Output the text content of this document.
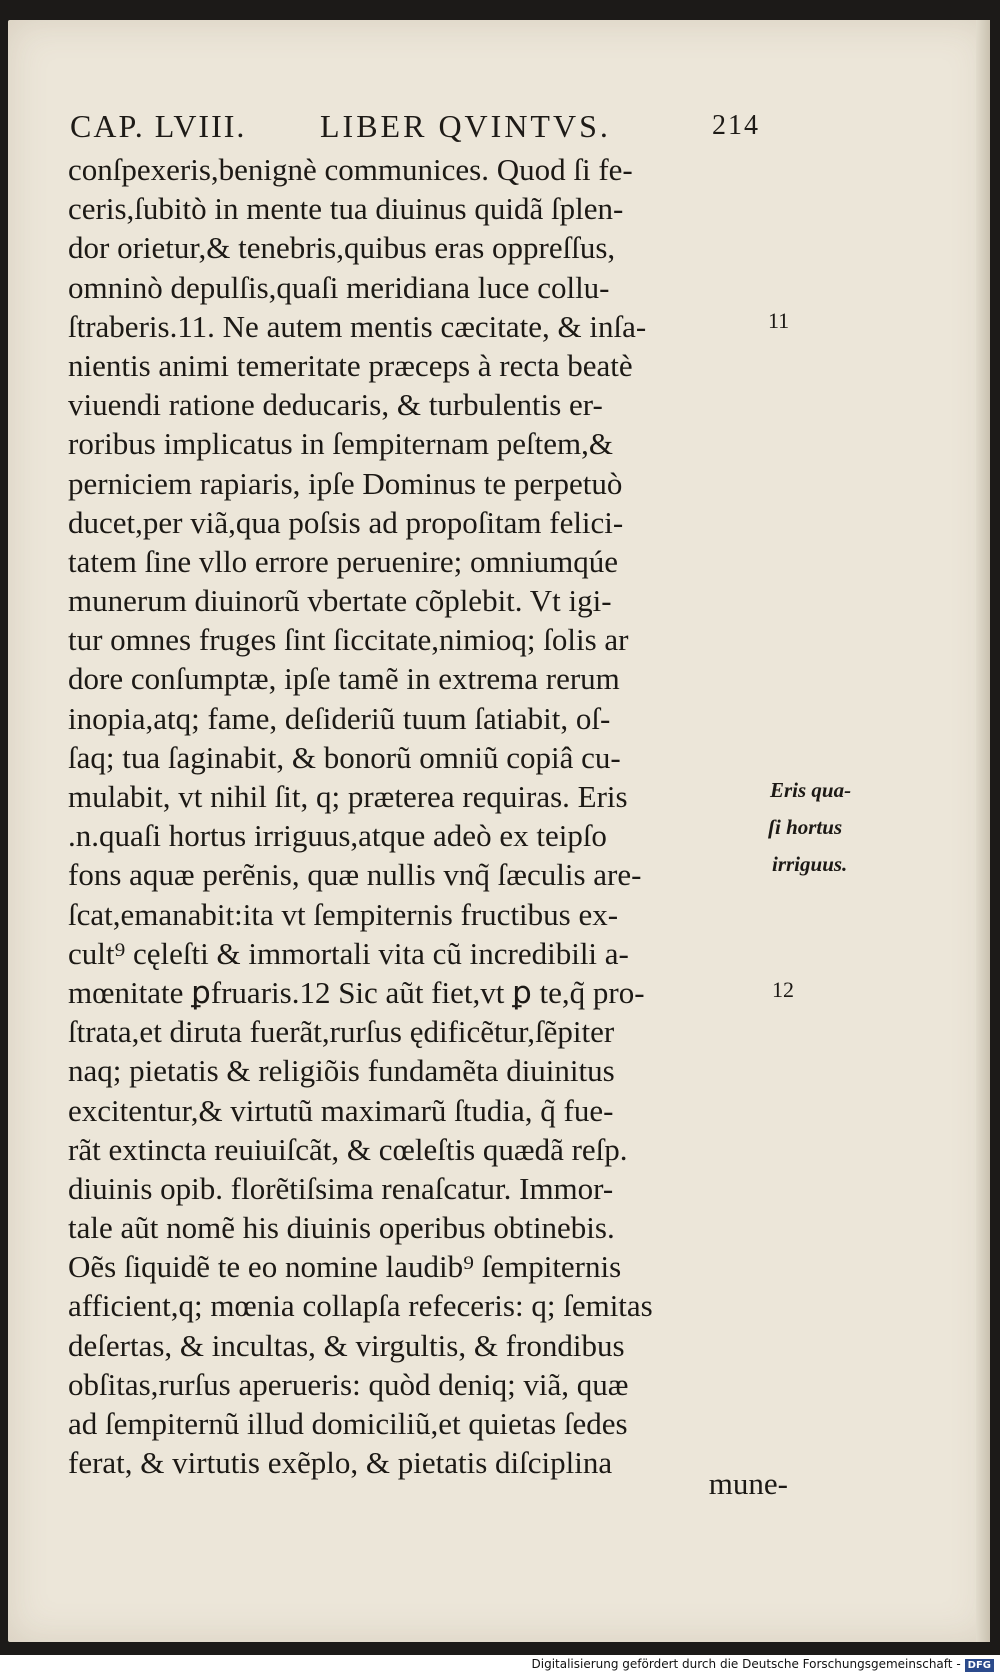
CAP. LVIII. LIBER QVINTVS.	214
conſpexeris,benignè communices. Quod ſi fe-
ceris,ſubitò in mente tua diuinus quidã ſplen-
dor orietur,& tenebris,quibus eras oppreſſus,
omninò depulſis,quaſi meridiana luce collu-
ſtraberis.11. Ne autem mentis cæcitate, & inſa-
nientis animi temeritate præceps à recta beatè
viuendi ratione deducaris, & turbulentis er-
roribus implicatus in ſempiternam peſtem,&
perniciem rapiaris, ipſe Dominus te perpetuò
ducet,per viã,qua poſsis ad propoſitam felici-
tatem ſine vllo errore peruenire; omniumqúe
munerum diuinorũ vbertate cõplebit. Vt igi-
tur omnes fruges ſint ſiccitate,nimioq; ſolis ar
dore conſumptæ, ipſe tamẽ in extrema rerum
inopia,atq; fame, deſideriũ tuum ſatiabit, oſ-
ſaq; tua ſaginabit, & bonorũ omniũ copiâ cu-
mulabit, vt nihil ſit, q; præterea requiras. Eris
.n.quaſi hortus irriguus,atque adeò ex teipſo
fons aquæ perẽnis, quæ nullis vnq̃ ſæculis are-
ſcat,emanabit:ita vt ſempiternis fructibus ex-
cult⁹ cęleſti & immortali vita cũ incredibili a-
mœnitate ꝑfruaris.12 Sic aũt fiet,vt ꝑ te,q̃ pro-
ſtrata,et diruta fuerãt,rurſus ędificẽtur,ſẽpiter
naq; pietatis & religiõis fundamẽta diuinitus
excitentur,& virtutũ maximarũ ſtudia, q̃ fue-
rãt extincta reuiuiſcãt, & cœleſtis quædã reſp.
diuinis opib. florẽtiſsima renaſcatur. Immor-
tale aũt nomẽ his diuinis operibus obtinebis.
Oẽs ſiquidẽ te eo nomine laudib⁹ ſempiternis
afficient,q; mœnia collapſa refeceris: q; ſemitas
deſertas, & incultas, & virgultis, & frondibus
obſitas,rurſus aperueris: quòd deniq; viã, quæ
ad ſempiternũ illud domiciliũ,et quietas ſedes
ferat, & virtutis exẽplo, & pietatis diſciplina
mune-
11
12
Eris qua-
ſi hortus
irriguus.
Digitalisierung gefördert durch die Deutsche Forschungsgemeinschaft - DFG
